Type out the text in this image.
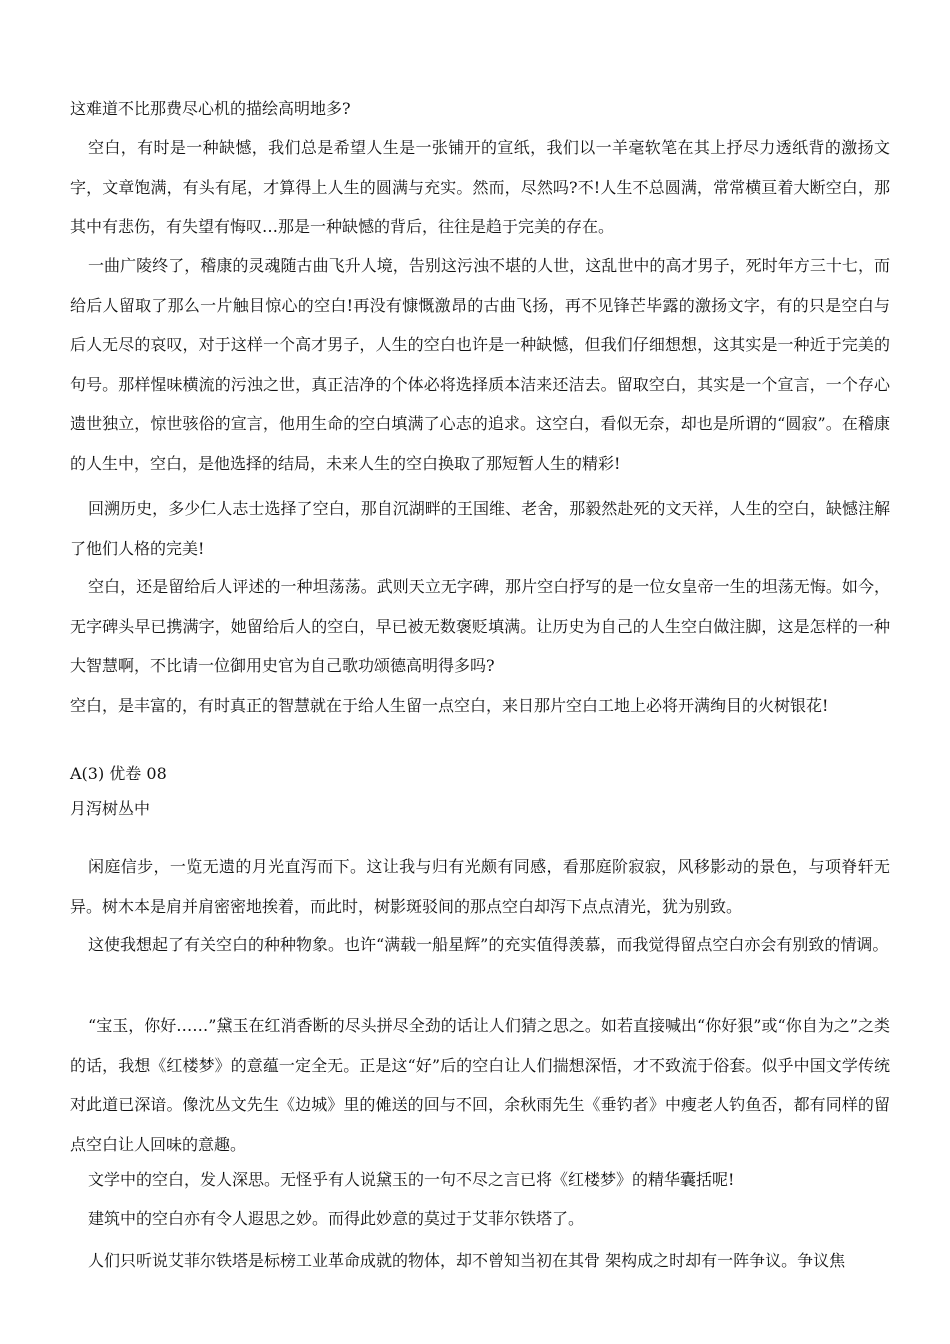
这难道不比那费尽心机的描绘高明地多?

空白，有时是一种缺憾，我们总是希望人生是一张铺开的宣纸，我们以一羊毫软笔在其上抒尽力透纸背的激扬文字，文章饱满，有头有尾，才算得上人生的圆满与充实。然而，尽然吗?不!人生不总圆满，常常横亘着大断空白，那其中有悲伤，有失望有悔叹…那是一种缺憾的背后，往往是趋于完美的存在。

一曲广陵终了，稽康的灵魂随古曲飞升人境，告别这污浊不堪的人世，这乱世中的高才男子，死时年方三十七，而给后人留取了那么一片触目惊心的空白!再没有慷慨激昂的古曲飞扬，再不见锋芒毕露的激扬文字，有的只是空白与后人无尽的哀叹，对于这样一个高才男子，人生的空白也许是一种缺憾，但我们仔细想想，这其实是一种近于完美的句号。那样惺味横流的污浊之世，真正洁净的个体必将选择质本洁来还洁去。留取空白，其实是一个宣言，一个存心遗世独立，惊世骇俗的宣言，他用生命的空白填满了心志的追求。这空白，看似无奈，却也是所谓的“圆寂”。在稽康的人生中，空白，是他选择的结局，未来人生的空白换取了那短暂人生的精彩!

回溯历史，多少仁人志士选择了空白，那自沉湖畔的王国维、老舍，那毅然赴死的文天祥，人生的空白，缺憾注解了他们人格的完美!

空白，还是留给后人评述的一种坦荡荡。武则天立无字碑，那片空白抒写的是一位女皇帝一生的坦荡无悔。如今，无字碑头早已携满字，她留给后人的空白，早已被无数褒贬填满。让历史为自己的人生空白做注脚，这是怎样的一种大智慧啊，不比请一位御用史官为自己歌功颂德高明得多吗?

空白，是丰富的，有时真正的智慧就在于给人生留一点空白，来日那片空白工地上必将开满绚目的火树银花!

A(3) 优卷 08

月泻树丛中

闲庭信步，一览无遗的月光直泻而下。这让我与归有光颇有同感，看那庭阶寂寂，风移影动的景色，与项脊轩无异。树木本是肩并肩密密地挨着，而此时，树影斑驳间的那点空白却泻下点点清光，犹为别致。

这使我想起了有关空白的种种物象。也许“满载一船星辉”的充实值得羡慕，而我觉得留点空白亦会有别致的情调。

“宝玉，你好……”黛玉在红消香断的尽头拼尽全劲的话让人们猜之思之。如若直接喊出“你好狠”或“你自为之”之类的话，我想《红楼梦》的意蕴一定全无。正是这“好”后的空白让人们揣想深悟，才不致流于俗套。似乎中国文学传统对此道已深谙。像沈丛文先生《边城》里的傩送的回与不回，余秋雨先生《垂钓者》中瘦老人钓鱼否，都有同样的留点空白让人回味的意趣。

文学中的空白，发人深思。无怪乎有人说黛玉的一句不尽之言已将《红楼梦》的精华囊括呢!

建筑中的空白亦有令人遐思之妙。而得此妙意的莫过于艾菲尔铁塔了。

人们只听说艾菲尔铁塔是标榜工业革命成就的物体，却不曾知当初在其骨 架构成之时却有一阵争议。争议焦
